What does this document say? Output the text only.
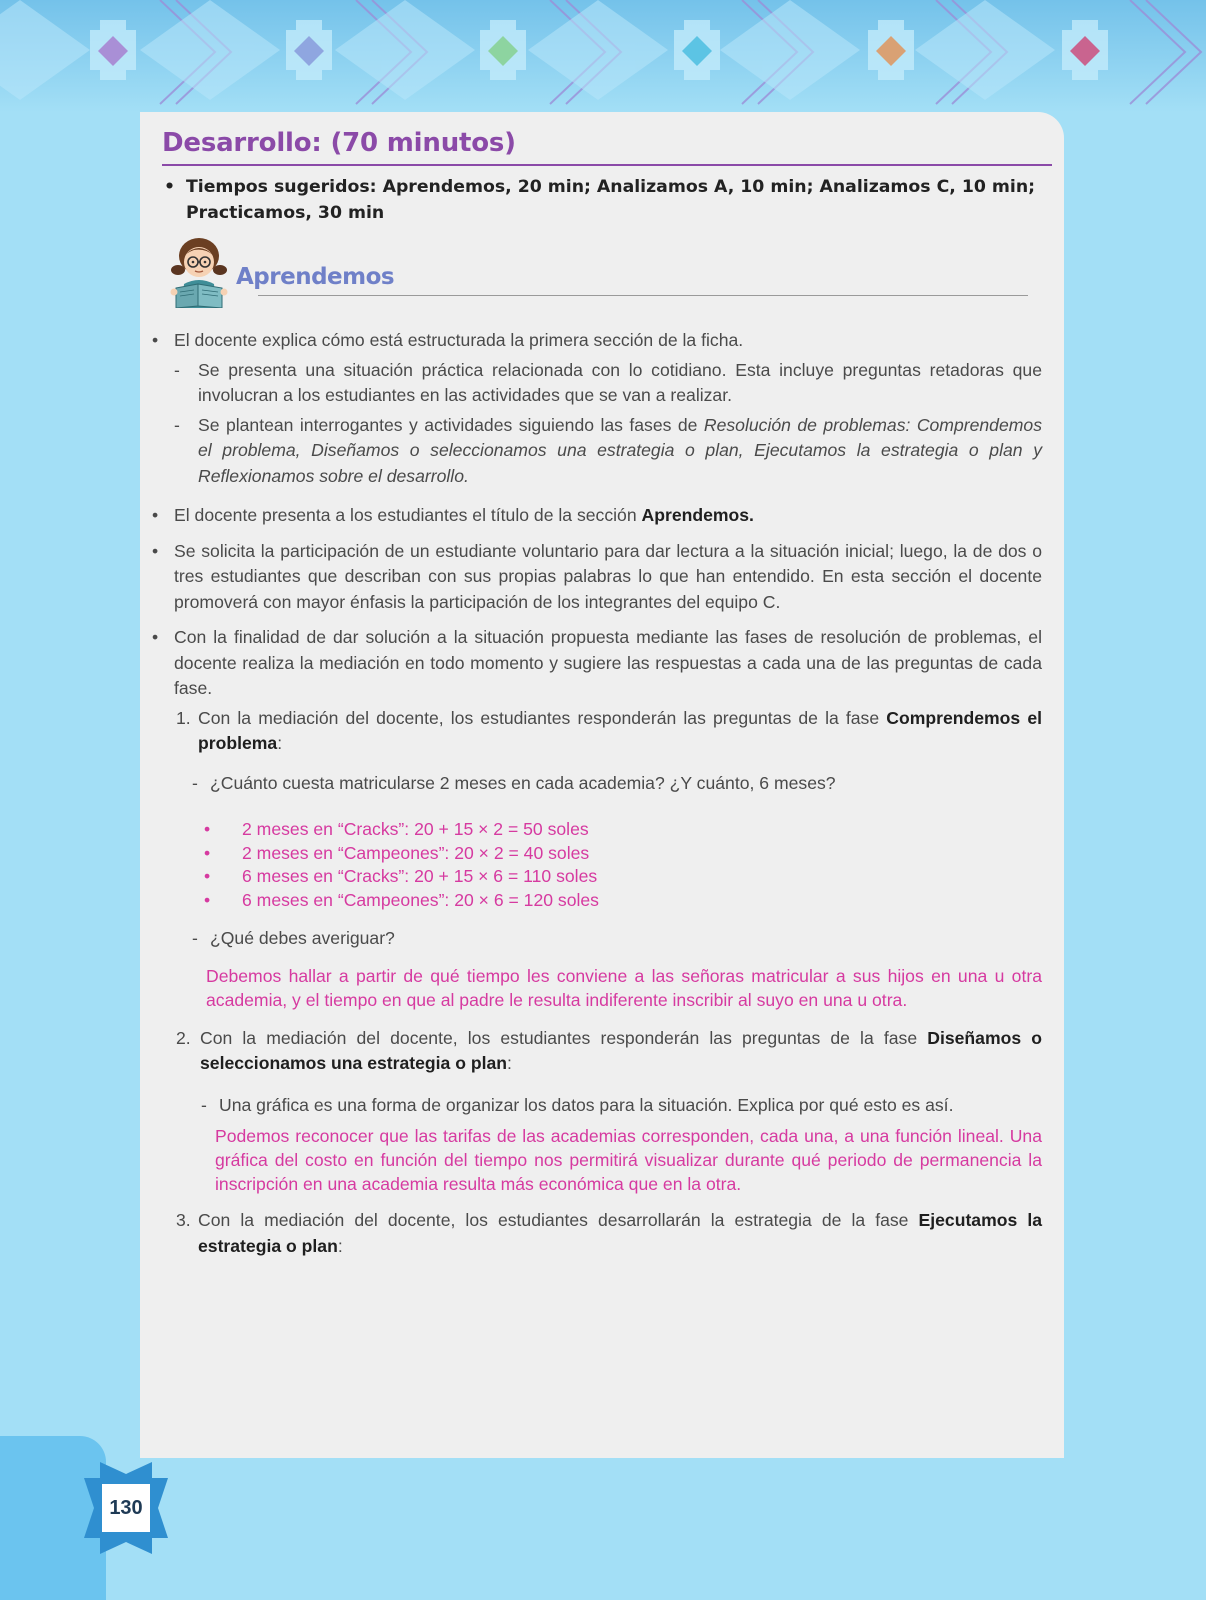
130
Desarrollo: (70 minutos)
• Tiempos sugeridos: Aprendemos, 20 min; Analizamos A, 10 min; Analizamos C, 10 min; Practicamos, 30 min
Aprendemos
• El docente explica cómo está estructurada la primera sección de la ficha.
- Se presenta una situación práctica relacionada con lo cotidiano. Esta incluye preguntas retadoras que involucran a los estudiantes en las actividades que se van a realizar.
- Se plantean interrogantes y actividades siguiendo las fases de Resolución de problemas: Comprendemos el problema, Diseñamos o seleccionamos una estrategia o plan, Ejecutamos la estrategia o plan y Reflexionamos sobre el desarrollo.
• El docente presenta a los estudiantes el título de la sección Aprendemos.
• Se solicita la participación de un estudiante voluntario para dar lectura a la situación inicial; luego, la de dos o tres estudiantes que describan con sus propias palabras lo que han entendido. En esta sección el docente promoverá con mayor énfasis la participación de los integrantes del equipo C.
• Con la finalidad de dar solución a la situación propuesta mediante las fases de resolución de problemas, el docente realiza la mediación en todo momento y sugiere las respuestas a cada una de las preguntas de cada fase.
1. Con la mediación del docente, los estudiantes responderán las preguntas de la fase Comprendemos el problema:
- ¿Cuánto cuesta matricularse 2 meses en cada academia? ¿Y cuánto, 6 meses?
• 2 meses en “Cracks”: 20 + 15 × 2 = 50 soles
• 2 meses en “Campeones”: 20 × 2 = 40 soles
• 6 meses en “Cracks”: 20 + 15 × 6 = 110 soles
• 6 meses en “Campeones”: 20 × 6 = 120 soles
- ¿Qué debes averiguar?
Debemos hallar a partir de qué tiempo les conviene a las señoras matricular a sus hijos en una u otra academia, y el tiempo en que al padre le resulta indiferente inscribir al suyo en una u otra.
2. Con la mediación del docente, los estudiantes responderán las preguntas de la fase Diseñamos o seleccionamos una estrategia o plan:
- Una gráfica es una forma de organizar los datos para la situación. Explica por qué esto es así.
Podemos reconocer que las tarifas de las academias corresponden, cada una, a una función lineal. Una gráfica del costo en función del tiempo nos permitirá visualizar durante qué periodo de permanencia la inscripción en una academia resulta más económica que en la otra.
3. Con la mediación del docente, los estudiantes desarrollarán la estrategia de la fase Ejecutamos la estrategia o plan:
